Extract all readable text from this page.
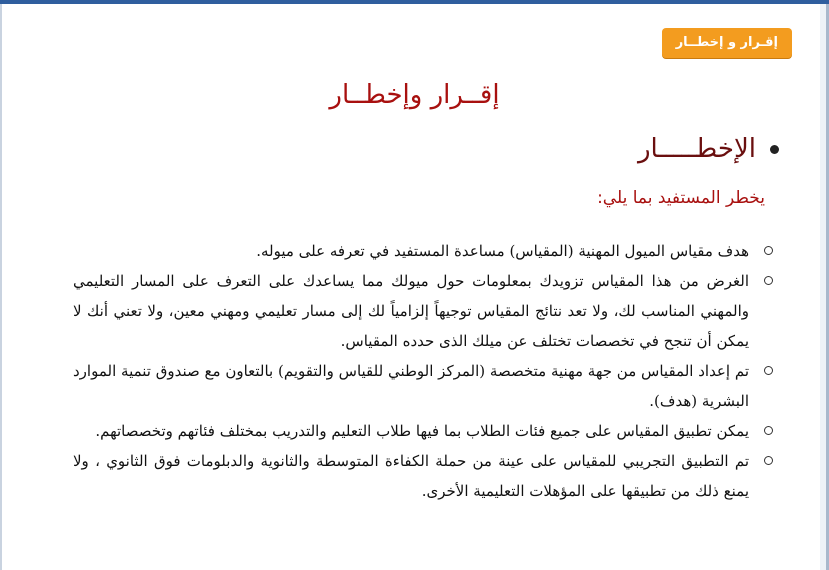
إقـرار و إخطــار
إقــرار وإخطــار
الإخطـــــار
يخطر المستفيد بما يلي:
هدف مقياس الميول المهنية (المقياس) مساعدة المستفيد في تعرفه على ميوله.
الغرض من هذا المقياس تزويدك بمعلومات حول ميولك مما يساعدك على التعرف على المسار التعليمي والمهني المناسب لك، ولا تعد نتائج المقياس توجيهاً إلزامياً لك إلى مسار تعليمي ومهني معين، ولا تعني أنك لا يمكن أن تنجح في تخصصات تختلف عن ميلك الذى حدده المقياس.
تم إعداد المقياس من جهة مهنية متخصصة (المركز الوطني للقياس والتقويم) بالتعاون مع صندوق تنمية الموارد البشرية (هدف).
يمكن تطبيق المقياس على جميع فئات الطلاب بما فيها طلاب التعليم والتدريب بمختلف فئاتهم وتخصصاتهم.
تم التطبيق التجريبي للمقياس على عينة من حملة الكفاءة المتوسطة والثانوية والدبلومات فوق الثانوي ، ولا يمنع ذلك من تطبيقها على المؤهلات التعليمية الأخرى.
